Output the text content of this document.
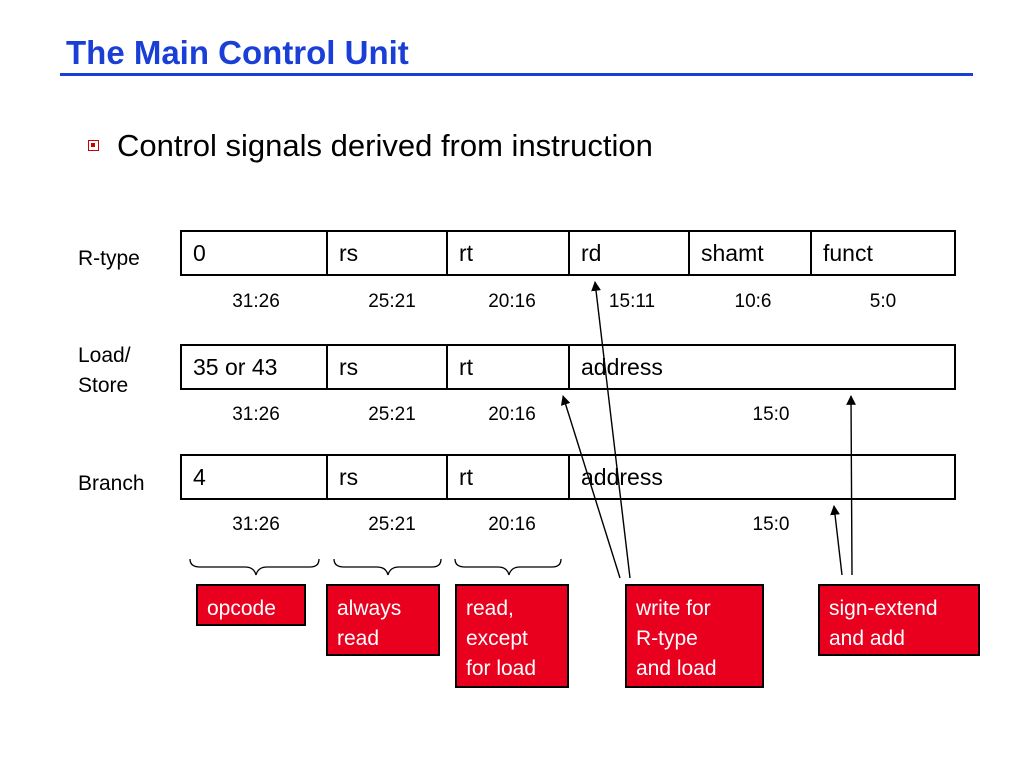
The Main Control Unit
Control signals derived from instruction
R-type	0	rs	rt	rd	shamt	funct
31:26	25:21	20:16	15:11	10:6	5:0
Load/
Store
35 or 43	rs	rt	address
31:26	25:21	20:16	15:0
Branch	4	rs	rt	address
31:26	25:21	20:16	15:0
opcode	always
read
read,
except
for load
write for
R-type
and load
sign-extend
and add
